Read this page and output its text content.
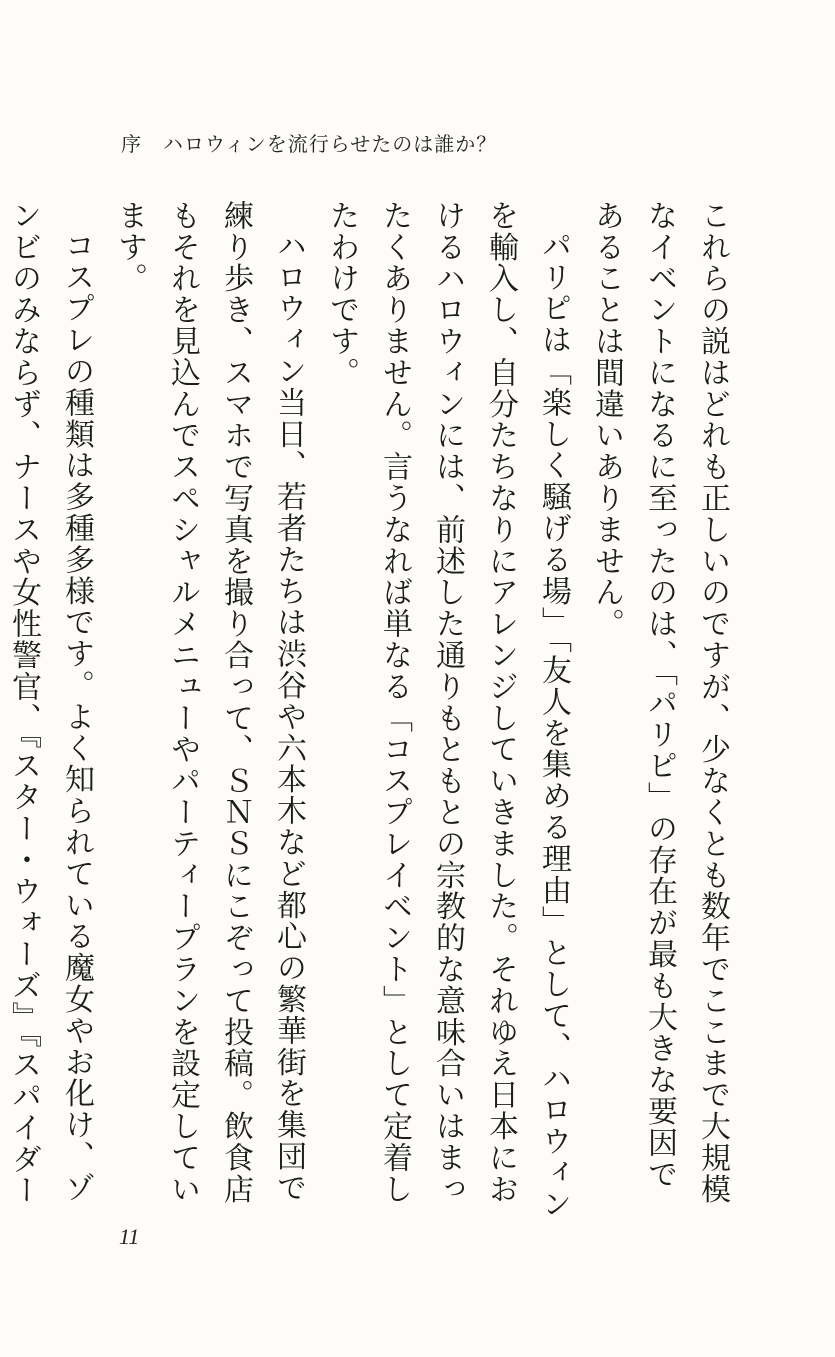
序　ハロウィンを流行らせたのは誰か？

これらの説はどれも正しいのですが、少なくとも数年でここまで大規模なイベントになるに至ったのは、「パリピ」の存在が最も大きな要因であることは間違いありません。

パリピは「楽しく騒げる場」「友人を集める理由」として、ハロウィンを輸入し、自分たちなりにアレンジしていきました。それゆえ日本におけるハロウィンには、前述した通りもともとの宗教的な意味合いはまったくありません。言うなれば単なる「コスプレイベント」として定着したわけです。

ハロウィン当日、若者たちは渋谷や六本木など都心の繁華街を集団で練り歩き、スマホで写真を撮り合って、ＳＮＳにこぞって投稿。飲食店もそれを見込んでスペシャルメニューやパーティープランを設定しています。

コスプレの種類は多種多様です。よく知られている魔女やお化け、ゾンビのみならず、ナースや女性警官、『スター・ウォーズ』『スパイダー

11
